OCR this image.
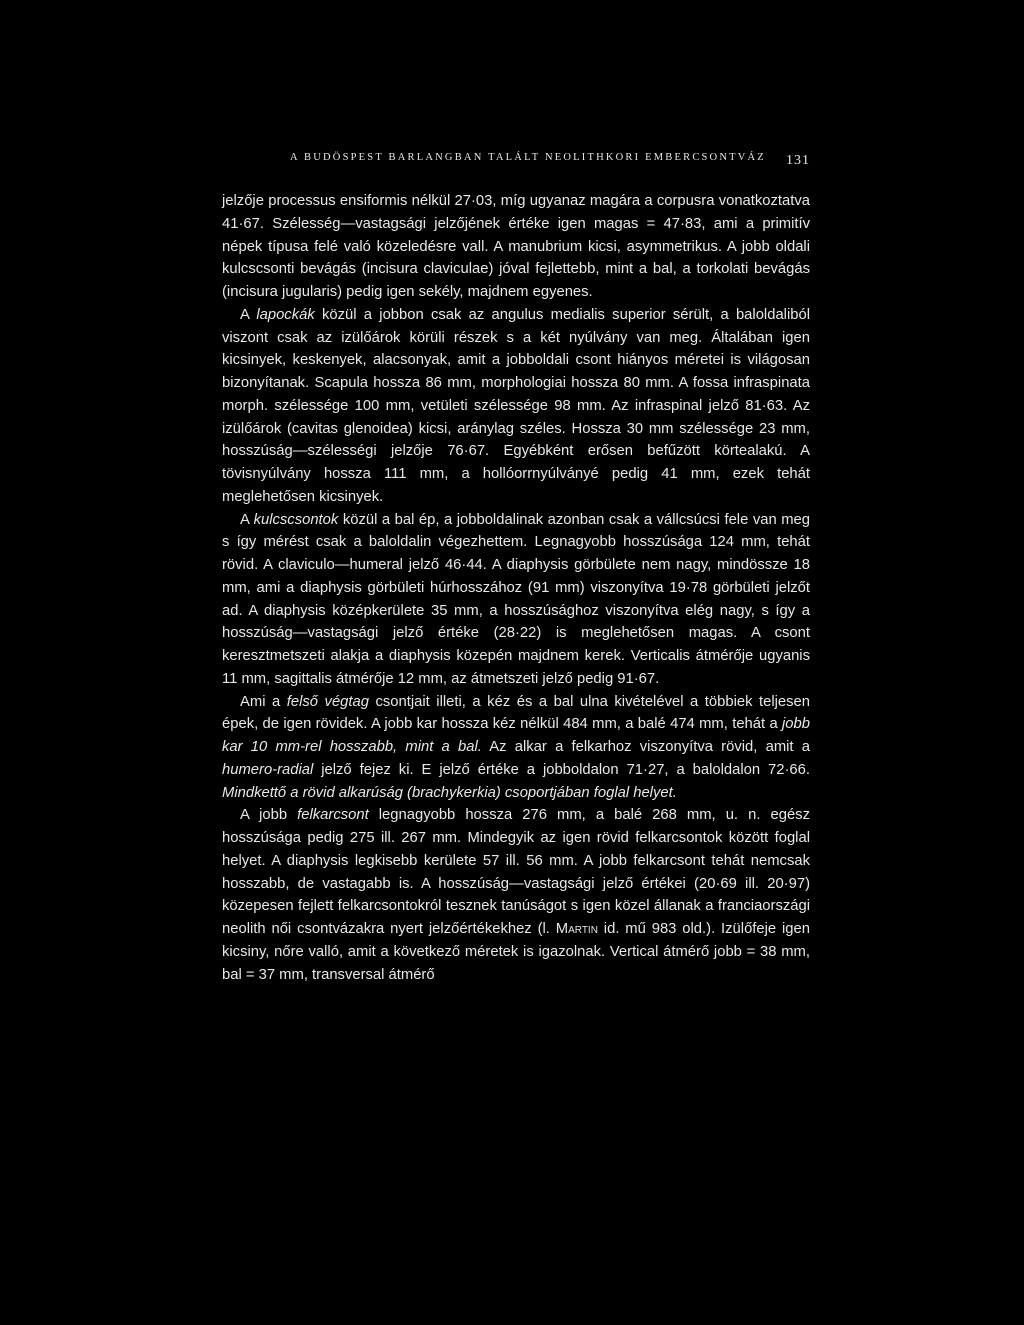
A BUDÖSPEST BARLANGBAN TALÁLT NEOLITHKORI EMBERCSONTVÁZ 131

jelzője processus ensiformis nélkül 27·03, míg ugyanaz magára a corpusra vonatkoztatva 41·67. Szélesség—vastagsági jelzőjének értéke igen magas = 47·83, ami a primitív népek típusa felé való közeledésre vall. A manubrium kicsi, asymmetrikus. A jobb oldali kulcscsonti bevágás (incisura claviculae) jóval fejlettebb, mint a bal, a torkolati bevágás (incisura jugularis) pedig igen sekély, majdnem egyenes.

A lapockák közül a jobbon csak az angulus medialis superior sérült, a baloldaliból viszont csak az izülőárok körüli részek s a két nyúlvány van meg. Általában igen kicsinyek, keskenyek, alacsonyak, amit a jobboldali csont hiányos méretei is világosan bizonyítanak. Scapula hossza 86 mm, morphologiai hossza 80 mm. A fossa infraspinata morph. szélessége 100 mm, vetületi szélessége 98 mm. Az infraspinal jelző 81·63. Az izülőárok (cavitas glenoidea) kicsi, aránylag széles. Hossza 30 mm szélessége 23 mm, hosszúság—szélességi jelzője 76·67. Egyébként erősen befűzött körtealakú. A tövisnyúlvány hossza 111 mm, a hollóorrnyúlványé pedig 41 mm, ezek tehát meglehetősen kicsinyek.

A kulcscsontok közül a bal ép, a jobboldalinak azonban csak a vállcsúcsi fele van meg s így mérést csak a baloldalin végezhettem. Legnagyobb hosszúsága 124 mm, tehát rövid. A claviculo—humeral jelző 46·44. A diaphysis görbülete nem nagy, mindössze 18 mm, ami a diaphysis görbületi húrhosszához (91 mm) viszonyítva 19·78 görbületi jelzőt ad. A diaphysis középkerülete 35 mm, a hosszúsághoz viszonyítva elég nagy, s így a hosszúság—vastagsági jelző értéke (28·22) is meglehetősen magas. A csont keresztmetszeti alakja a diaphysis közepén majdnem kerek. Verticalis átmérője ugyanis 11 mm, sagittalis átmérője 12 mm, az átmetszeti jelző pedig 91·67.

Ami a felső végtag csontjait illeti, a kéz és a bal ulna kivételével a többiek teljesen épek, de igen rövidek. A jobb kar hossza kéz nélkül 484 mm, a balé 474 mm, tehát a jobb kar 10 mm-rel hosszabb, mint a bal. Az alkar a felkarhoz viszonyítva rövid, amit a humero-radial jelző fejez ki. E jelző értéke a jobboldalon 71·27, a baloldalon 72·66. Mindkettő a rövid alkarúság (brachykerkia) csoportjában foglal helyet.

A jobb felkarcsont legnagyobb hossza 276 mm, a balé 268 mm, u. n. egész hosszúsága pedig 275 ill. 267 mm. Mindegyik az igen rövid felkarcsontok között foglal helyet. A diaphysis legkisebb kerülete 57 ill. 56 mm. A jobb felkarcsont tehát nemcsak hosszabb, de vastagabb is. A hosszúság—vastagsági jelző értékei (20·69 ill. 20·97) közepesen fejlett felkarcsontokról tesznek tanúságot s igen közel állanak a franciaországi neolith női csontvázakra nyert jelzőértékekhez (l. Martin id. mű 983 old.). Izülőfeje igen kicsiny, nőre valló, amit a következő méretek is igazolnak. Vertical átmérő jobb = 38 mm, bal = 37 mm, transversal átmérő
